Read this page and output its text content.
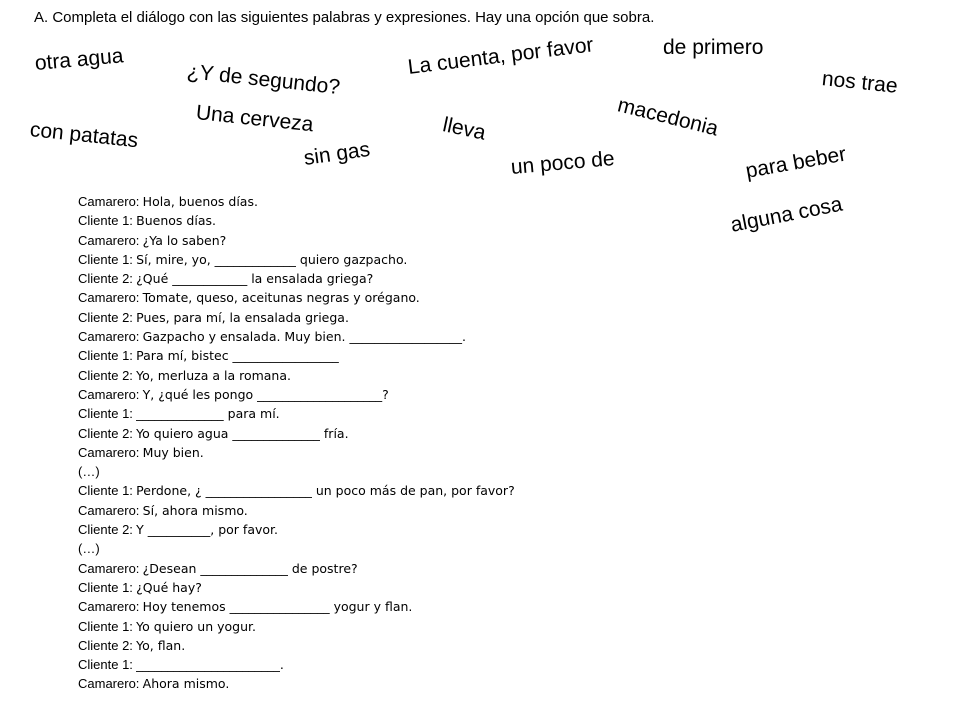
A. Completa el diálogo con las siguientes palabras y expresiones. Hay una opción que sobra.
otra agua
¿Y de segundo?
La cuenta, por favor	de primero
nos trae
con patatas	Una cerveza	lleva	macedonia
sin gas	un poco de	para beber
alguna cosa
Camarero: Hola, buenos días.
Cliente 1: Buenos días.
Camarero: ¿Ya lo saben?
Cliente 1: Sí, mire, yo, _____________ quiero gazpacho.
Cliente 2: ¿Qué ____________ la ensalada griega?
Camarero: Tomate, queso, aceitunas negras y orégano.
Cliente 2: Pues, para mí, la ensalada griega.
Camarero: Gazpacho y ensalada. Muy bien. __________________.
Cliente 1: Para mí, bistec _________________
Cliente 2: Yo, merluza a la romana.
Camarero: Y, ¿qué les pongo ____________________?
Cliente 1: ______________ para mí.
Cliente 2: Yo quiero agua ______________ fría.
Camarero: Muy bien.
(…)
Cliente 1: Perdone, ¿ _________________ un poco más de pan, por favor?
Camarero: Sí, ahora mismo.
Cliente 2: Y __________, por favor.
(…)
Camarero: ¿Desean ______________ de postre?
Cliente 1: ¿Qué hay?
Camarero: Hoy tenemos ________________ yogur y flan.
Cliente 1: Yo quiero un yogur.
Cliente 2: Yo, flan.
Cliente 1: _______________________.
Camarero: Ahora mismo.
